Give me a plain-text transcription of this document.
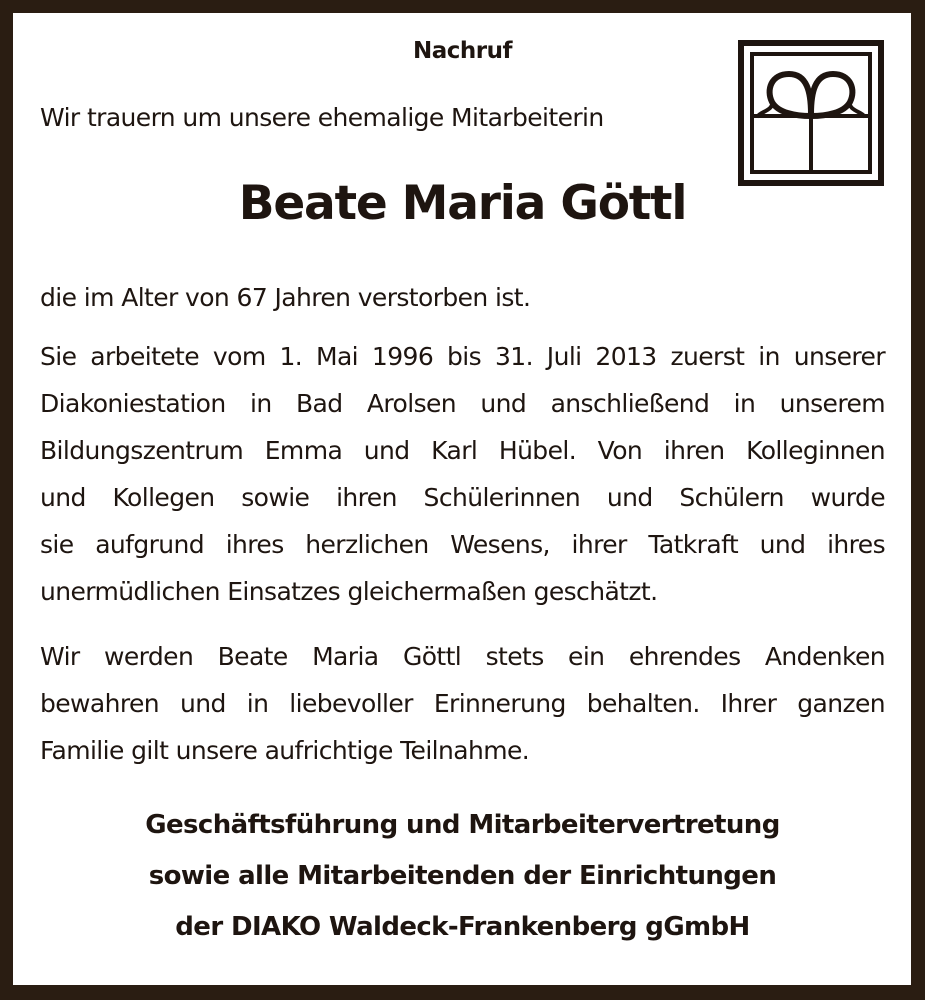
Nachruf
Wir trauern um unsere ehemalige Mitarbeiterin
Beate Maria Göttl
die im Alter von 67 Jahren verstorben ist.
Sie arbeitete vom 1. Mai 1996 bis 31. Juli 2013 zuerst in unserer
Diakoniestation in Bad Arolsen und anschließend in unserem
Bildungszentrum Emma und Karl Hübel. Von ihren Kolleginnen
und Kollegen sowie ihren Schülerinnen und Schülern wurde
sie aufgrund ihres herzlichen Wesens, ihrer Tatkraft und ihres
unermüdlichen Einsatzes gleichermaßen geschätzt.
Wir werden Beate Maria Göttl stets ein ehrendes Andenken
bewahren und in liebevoller Erinnerung behalten. Ihrer ganzen
Familie gilt unsere aufrichtige Teilnahme.
Geschäftsführung und Mitarbeitervertretung
sowie alle Mitarbeitenden der Einrichtungen
der DIAKO Waldeck-Frankenberg gGmbH
